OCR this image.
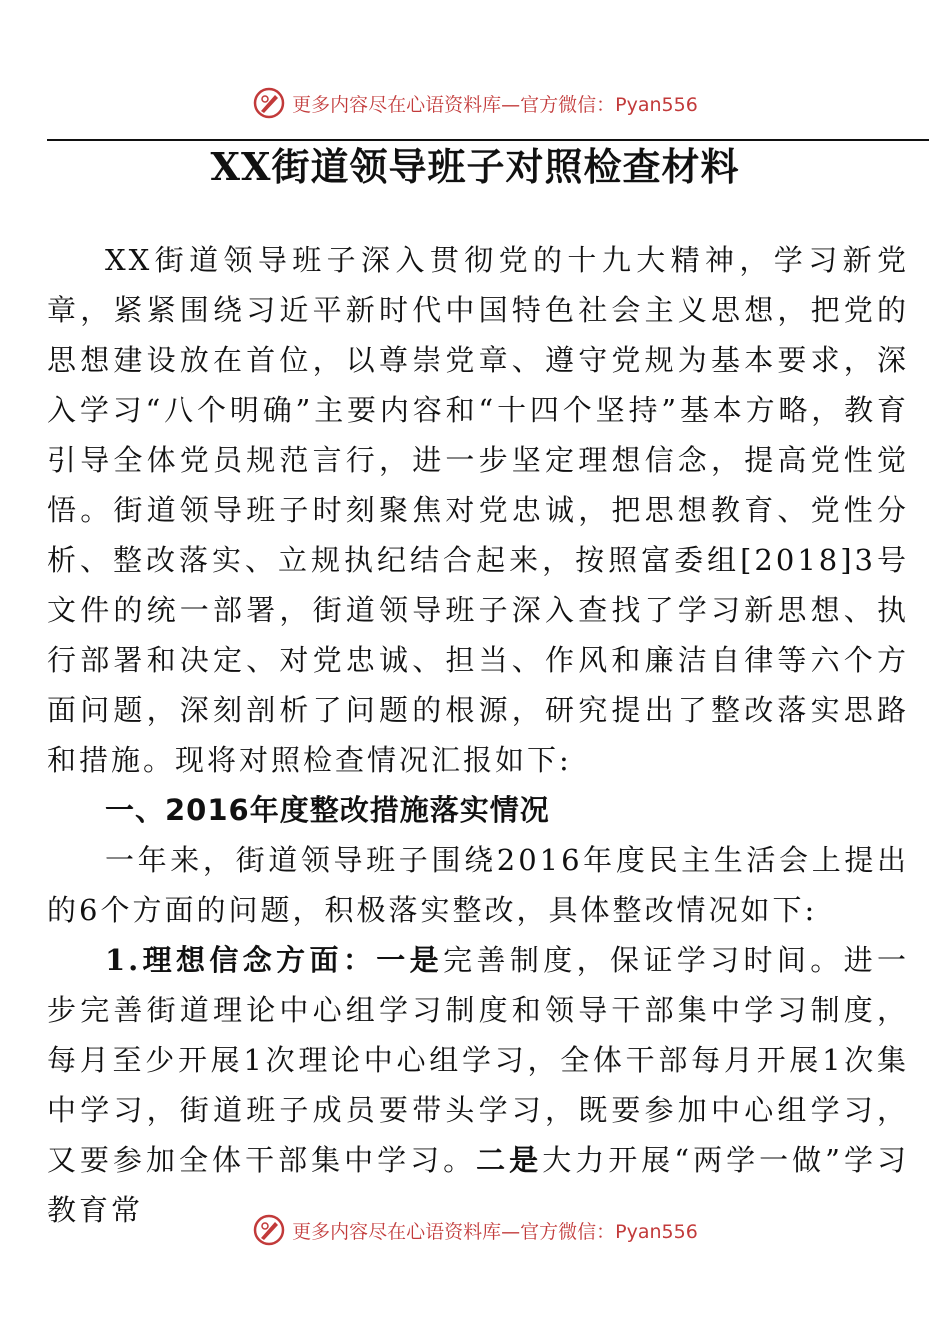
更多内容尽在心语资料库—官方微信：Pyan556
XX街道领导班子对照检查材料

XX街道领导班子深入贯彻党的十九大精神，学习新党章，紧紧围绕习近平新时代中国特色社会主义思想，把党的思想建设放在首位，以尊崇党章、遵守党规为基本要求，深入学习“八个明确”主要内容和“十四个坚持”基本方略，教育引导全体党员规范言行，进一步坚定理想信念，提高党性觉悟。街道领导班子时刻聚焦对党忠诚，把思想教育、党性分析、整改落实、立规执纪结合起来，按照富委组[2018]3号文件的统一部署，街道领导班子深入查找了学习新思想、执行部署和决定、对党忠诚、担当、作风和廉洁自律等六个方面问题，深刻剖析了问题的根源，研究提出了整改落实思路和措施。现将对照检查情况汇报如下:

一、2016年度整改措施落实情况

一年来，街道领导班子围绕2016年度民主生活会上提出的6个方面的问题，积极落实整改，具体整改情况如下:

1.理想信念方面：一是完善制度，保证学习时间。进一步完善街道理论中心组学习制度和领导干部集中学习制度，每月至少开展1次理论中心组学习，全体干部每月开展1次集中学习，街道班子成员要带头学习，既要参加中心组学习，又要参加全体干部集中学习。二是大力开展“两学一做”学习教育常

更多内容尽在心语资料库—官方微信：Pyan556
